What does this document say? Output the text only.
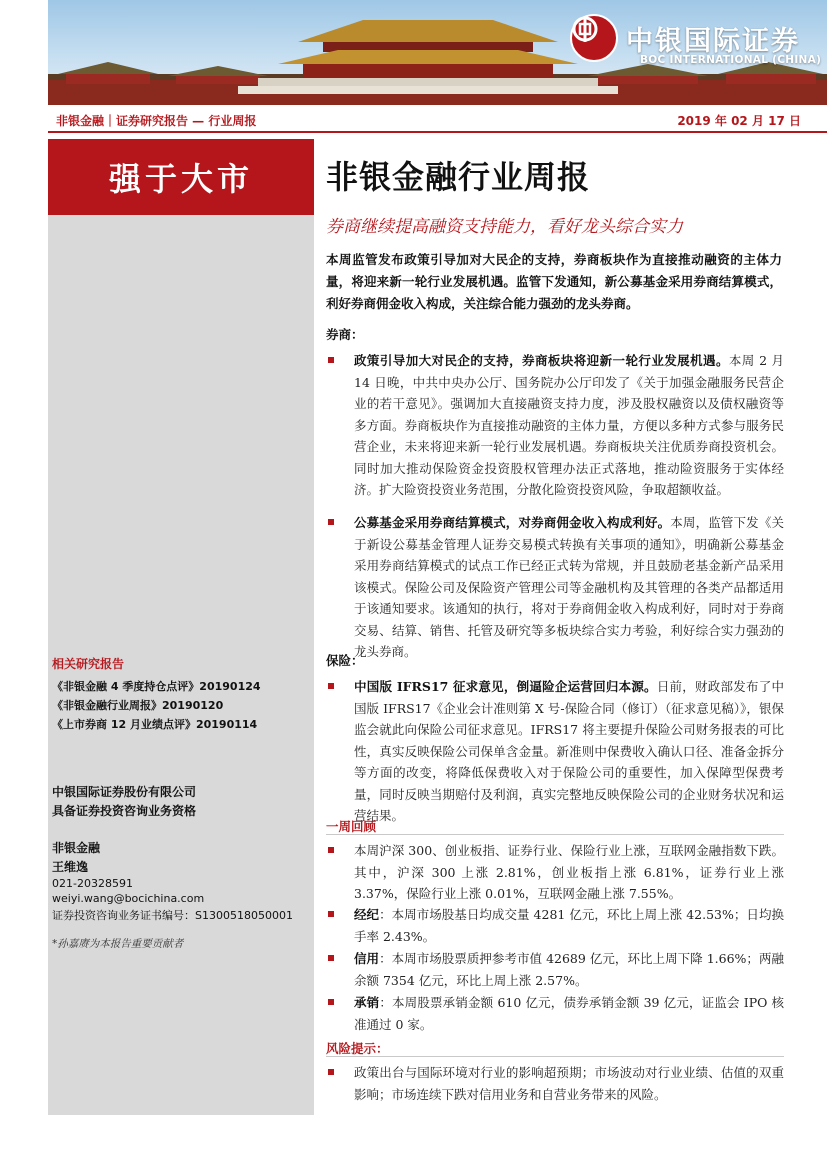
中银国际证券
BOC INTERNATIONAL (CHINA)
非银金融｜证券研究报告 — 行业周报	2019 年 02 月 17 日
强于大市
相关研究报告
《非银金融 4 季度持仓点评》20190124
《非银金融行业周报》20190120
《上市券商 12 月业绩点评》20190114
中银国际证券股份有限公司
具备证券投资咨询业务资格
非银金融
王维逸
021-20328591
weiyi.wang@bocichina.com
证券投资咨询业务证书编号：S1300518050001
*孙嘉赓为本报告重要贡献者
非银金融行业周报
券商继续提高融资支持能力，看好龙头综合实力
本周监管发布政策引导加对大民企的支持，券商板块作为直接推动融资的主体力量，将迎来新一轮行业发展机遇。监管下发通知，新公募基金采用券商结算模式，利好券商佣金收入构成，关注综合能力强劲的龙头券商。
券商：
政策引导加大对民企的支持，券商板块将迎新一轮行业发展机遇。本周 2 月 14 日晚，中共中央办公厅、国务院办公厅印发了《关于加强金融服务民营企业的若干意见》。强调加大直接融资支持力度，涉及股权融资以及债权融资等多方面。券商板块作为直接推动融资的主体力量，方便以多种方式参与服务民营企业，未来将迎来新一轮行业发展机遇。券商板块关注优质券商投资机会。同时加大推动保险资金投资股权管理办法正式落地，推动险资服务于实体经济。扩大险资投资业务范围，分散化险资投资风险，争取超额收益。
公募基金采用券商结算模式，对券商佣金收入构成利好。本周，监管下发《关于新设公募基金管理人证券交易模式转换有关事项的通知》，明确新公募基金采用券商结算模式的试点工作已经正式转为常规，并且鼓励老基金新产品采用该模式。保险公司及保险资产管理公司等金融机构及其管理的各类产品都适用于该通知要求。该通知的执行，将对于券商佣金收入构成利好，同时对于券商交易、结算、销售、托管及研究等多板块综合实力考验，利好综合实力强劲的龙头券商。
保险：
中国版 IFRS17 征求意见，倒逼险企运营回归本源。日前，财政部发布了中国版 IFRS17《企业会计准则第 X 号-保险合同（修订）（征求意见稿）》，银保监会就此向保险公司征求意见。IFRS17 将主要提升保险公司财务报表的可比性，真实反映保险公司保单含金量。新准则中保费收入确认口径、准备金拆分等方面的改变，将降低保费收入对于保险公司的重要性，加入保障型保费考量，同时反映当期赔付及利润，真实完整地反映保险公司的企业财务状况和运营结果。
一周回顾
本周沪深 300、创业板指、证券行业、保险行业上涨，互联网金融指数下跌。其中，沪深 300 上涨 2.81%，创业板指上涨 6.81%，证券行业上涨 3.37%，保险行业上涨 0.01%，互联网金融上涨 7.55%。
经纪：本周市场股基日均成交量 4281 亿元，环比上周上涨 42.53%；日均换手率 2.43%。
信用：本周市场股票质押参考市值 42689 亿元，环比上周下降 1.66%；两融余额 7354 亿元，环比上周上涨 2.57%。
承销：本周股票承销金额 610 亿元，债券承销金额 39 亿元，证监会 IPO 核准通过 0 家。
风险提示：
政策出台与国际环境对行业的影响超预期；市场波动对行业业绩、估值的双重影响；市场连续下跌对信用业务和自营业务带来的风险。
